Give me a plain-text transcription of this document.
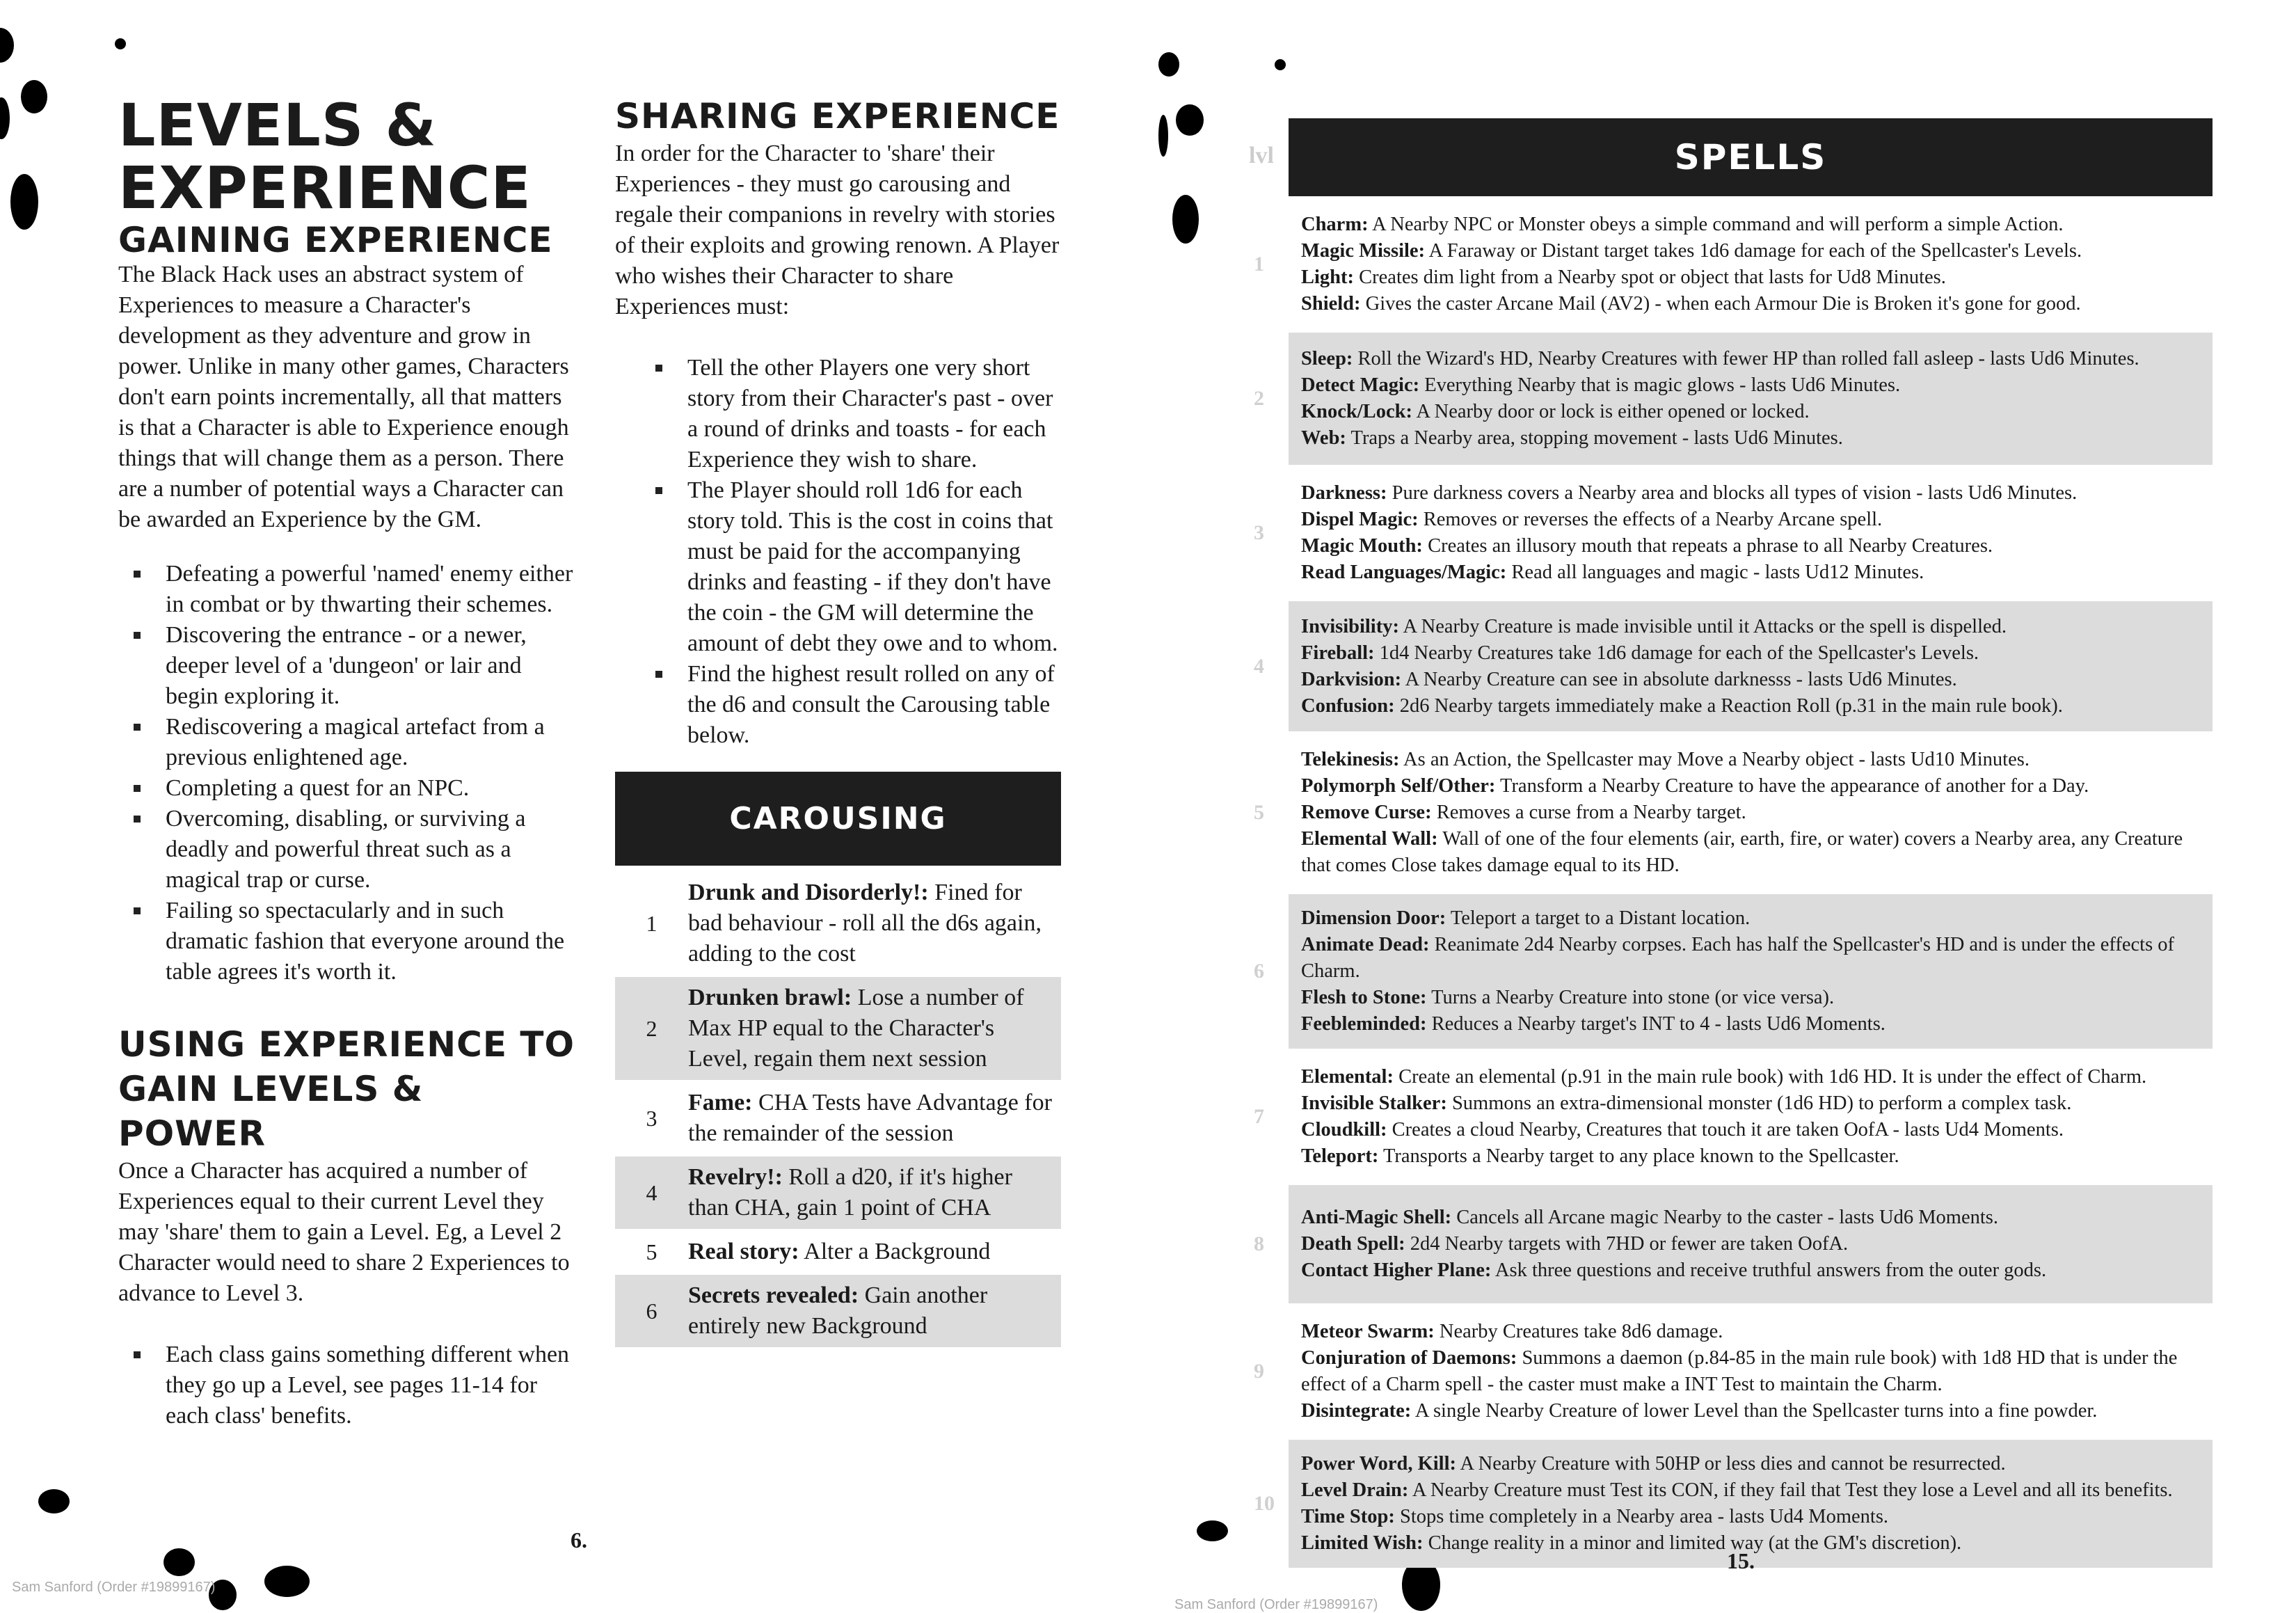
LEVELS & EXPERIENCE
GAINING EXPERIENCE

The Black Hack uses an abstract system of Experiences to measure a Character's development as they adventure and grow in power. Unlike in many other games, Characters don't earn points incrementally, all that matters is that a Character is able to Experience enough things that will change them as a person. There are a number of potential ways a Character can be awarded an Experience by the GM.

Defeating a powerful 'named' enemy either in combat or by thwarting their schemes.
Discovering the entrance - or a newer, deeper level of a 'dungeon' or lair and begin exploring it.
Rediscovering a magical artefact from a previous enlightened age.
Completing a quest for an NPC.
Overcoming, disabling, or surviving a deadly and powerful threat such as a magical trap or curse.
Failing so spectacularly and in such dramatic fashion that everyone around the table agrees it's worth it.
USING EXPERIENCE TO GAIN LEVELS & POWER

Once a Character has acquired a number of Experiences equal to their current Level they may 'share' them to gain a Level. Eg, a Level 2 Character would need to share 2 Experiences to advance to Level 3.

Each class gains something different when they go up a Level, see pages 11-14 for each class' benefits.
SHARING EXPERIENCE

In order for the Character to 'share' their Experiences - they must go carousing and regale their companions in revelry with stories of their exploits and growing renown. A Player who wishes their Character to share Experiences must:

Tell the other Players one very short story from their Character's past - over a round of drinks and toasts - for each Experience they wish to share.
The Player should roll 1d6 for each story told. This is the cost in coins that must be paid for the accompanying drinks and feasting - if they don't have the coin - the GM will determine the amount of debt they owe and to whom.
Find the highest result rolled on any of the d6 and consult the Carousing table below.
CAROUSING
1
Drunk and Disorderly!: Fined for bad behaviour - roll all the d6s again, adding to the cost
2
Drunken brawl: Lose a number of Max HP equal to the Character's Level, regain them next session
3
Fame: CHA Tests have Advantage for the remainder of the session
4
Revelry!: Roll a d20, if it's higher than CHA, gain 1 point of CHA
5	Real story: Alter a Background
6
Secrets revealed: Gain another entirely new Background
6.
Sam Sanford (Order #19899167)
lvl	SPELLS
1
Charm: A Nearby NPC or Monster obeys a simple command and will perform a simple Action.
Magic Missile: A Faraway or Distant target takes 1d6 damage for each of the Spellcaster's Levels.
Light: Creates dim light from a Nearby spot or object that lasts for Ud8 Minutes.
Shield: Gives the caster Arcane Mail (AV2) - when each Armour Die is Broken it's gone for good.
2
Sleep: Roll the Wizard's HD, Nearby Creatures with fewer HP than rolled fall asleep - lasts Ud6 Minutes.
Detect Magic: Everything Nearby that is magic glows - lasts Ud6 Minutes.
Knock/Lock: A Nearby door or lock is either opened or locked.
Web: Traps a Nearby area, stopping movement - lasts Ud6 Minutes.
3
Darkness: Pure darkness covers a Nearby area and blocks all types of vision - lasts Ud6 Minutes.
Dispel Magic: Removes or reverses the effects of a Nearby Arcane spell.
Magic Mouth: Creates an illusory mouth that repeats a phrase to all Nearby Creatures.
Read Languages/Magic: Read all languages and magic - lasts Ud12 Minutes.
4
Invisibility: A Nearby Creature is made invisible until it Attacks or the spell is dispelled.
Fireball: 1d4 Nearby Creatures take 1d6 damage for each of the Spellcaster's Levels.
Darkvision: A Nearby Creature can see in absolute darknesss - lasts Ud6 Minutes.
Confusion: 2d6 Nearby targets immediately make a Reaction Roll (p.31 in the main rule book).
5
Telekinesis: As an Action, the Spellcaster may Move a Nearby object - lasts Ud10 Minutes.
Polymorph Self/Other: Transform a Nearby Creature to have the appearance of another for a Day.
Remove Curse: Removes a curse from a Nearby target.
Elemental Wall: Wall of one of the four elements (air, earth, fire, or water) covers a Nearby area, any Creature that comes Close takes damage equal to its HD.
6
Dimension Door: Teleport a target to a Distant location.
Animate Dead: Reanimate 2d4 Nearby corpses. Each has half the Spellcaster's HD and is under the effects of Charm.
Flesh to Stone: Turns a Nearby Creature into stone (or vice versa).
Feebleminded: Reduces a Nearby target's INT to 4 - lasts Ud6 Moments.
7
Elemental: Create an elemental (p.91 in the main rule book) with 1d6 HD. It is under the effect of Charm.
Invisible Stalker: Summons an extra-dimensional monster (1d6 HD) to perform a complex task.
Cloudkill: Creates a cloud Nearby, Creatures that touch it are taken OofA - lasts Ud4 Moments.
Teleport: Transports a Nearby target to any place known to the Spellcaster.
8
Anti-Magic Shell: Cancels all Arcane magic Nearby to the caster - lasts Ud6 Moments.
Death Spell: 2d4 Nearby targets with 7HD or fewer are taken OofA.
Contact Higher Plane: Ask three questions and receive truthful answers from the outer gods.
9
Meteor Swarm: Nearby Creatures take 8d6 damage.
Conjuration of Daemons: Summons a daemon (p.84-85 in the main rule book) with 1d8 HD that is under the effect of a Charm spell - the caster must make a INT Test to maintain the Charm.
Disintegrate: A single Nearby Creature of lower Level than the Spellcaster turns into a fine powder.
10
Power Word, Kill: A Nearby Creature with 50HP or less dies and cannot be resurrected.
Level Drain: A Nearby Creature must Test its CON, if they fail that Test they lose a Level and all its benefits.
Time Stop: Stops time completely in a Nearby area - lasts Ud4 Moments.
Limited Wish: Change reality in a minor and limited way (at the GM's discretion).
15.
Sam Sanford (Order #19899167)
